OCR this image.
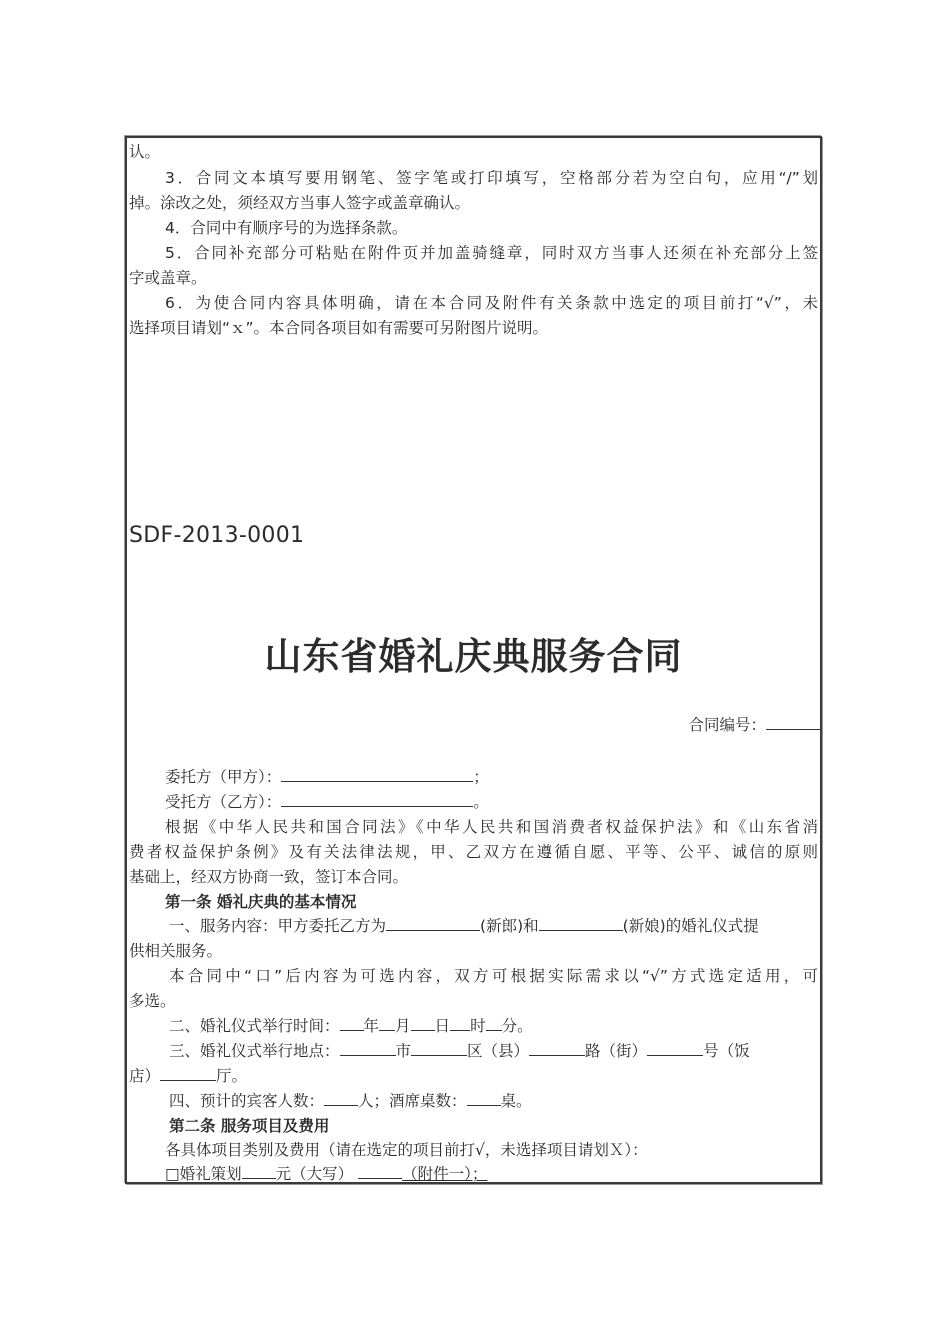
认。
3．合同文本填写要用钢笔、签字笔或打印填写，空格部分若为空白句，应用“/”划
掉。涂改之处，须经双方当事人签字或盖章确认。
4．合同中有顺序号的为选择条款。
5．合同补充部分可粘贴在附件页并加盖骑缝章，同时双方当事人还须在补充部分上签
字或盖章。
6．为使合同内容具体明确，请在本合同及附件有关条款中选定的项目前打“√”，未
选择项目请划“ｘ”。本合同各项目如有需要可另附图片说明。
SDF-2013-0001
山东省婚礼庆典服务合同
合同编号：
委托方（甲方）：	；
受托方（乙方）：	。
根据《中华人民共和国合同法》《中华人民共和国消费者权益保护法》和《山东省消
费者权益保护条例》及有关法律法规，甲、乙双方在遵循自愿、平等、公平、诚信的原则
基础上，经双方协商一致，签订本合同。
第一条 婚礼庆典的基本情况
一、服务内容：甲方委托乙方为	(新郎)和	(新娘)的婚礼仪式提
供相关服务。
本合同中“口”后内容为可选内容，双方可根据实际需求以“√”方式选定适用，可
多选。
二、婚礼仪式举行时间： 年 月 日 时 分。
三、婚礼仪式举行地点：	市	区（县）	路（街）	号（饭
店）	厅。
四、预计的宾客人数： 人；酒席桌数： 桌。
第二条 服务项目及费用
各具体项目类别及费用（请在选定的项目前打√，未选择项目请划Ｘ）：
□婚礼策划 元（大写）	（附件一）；
